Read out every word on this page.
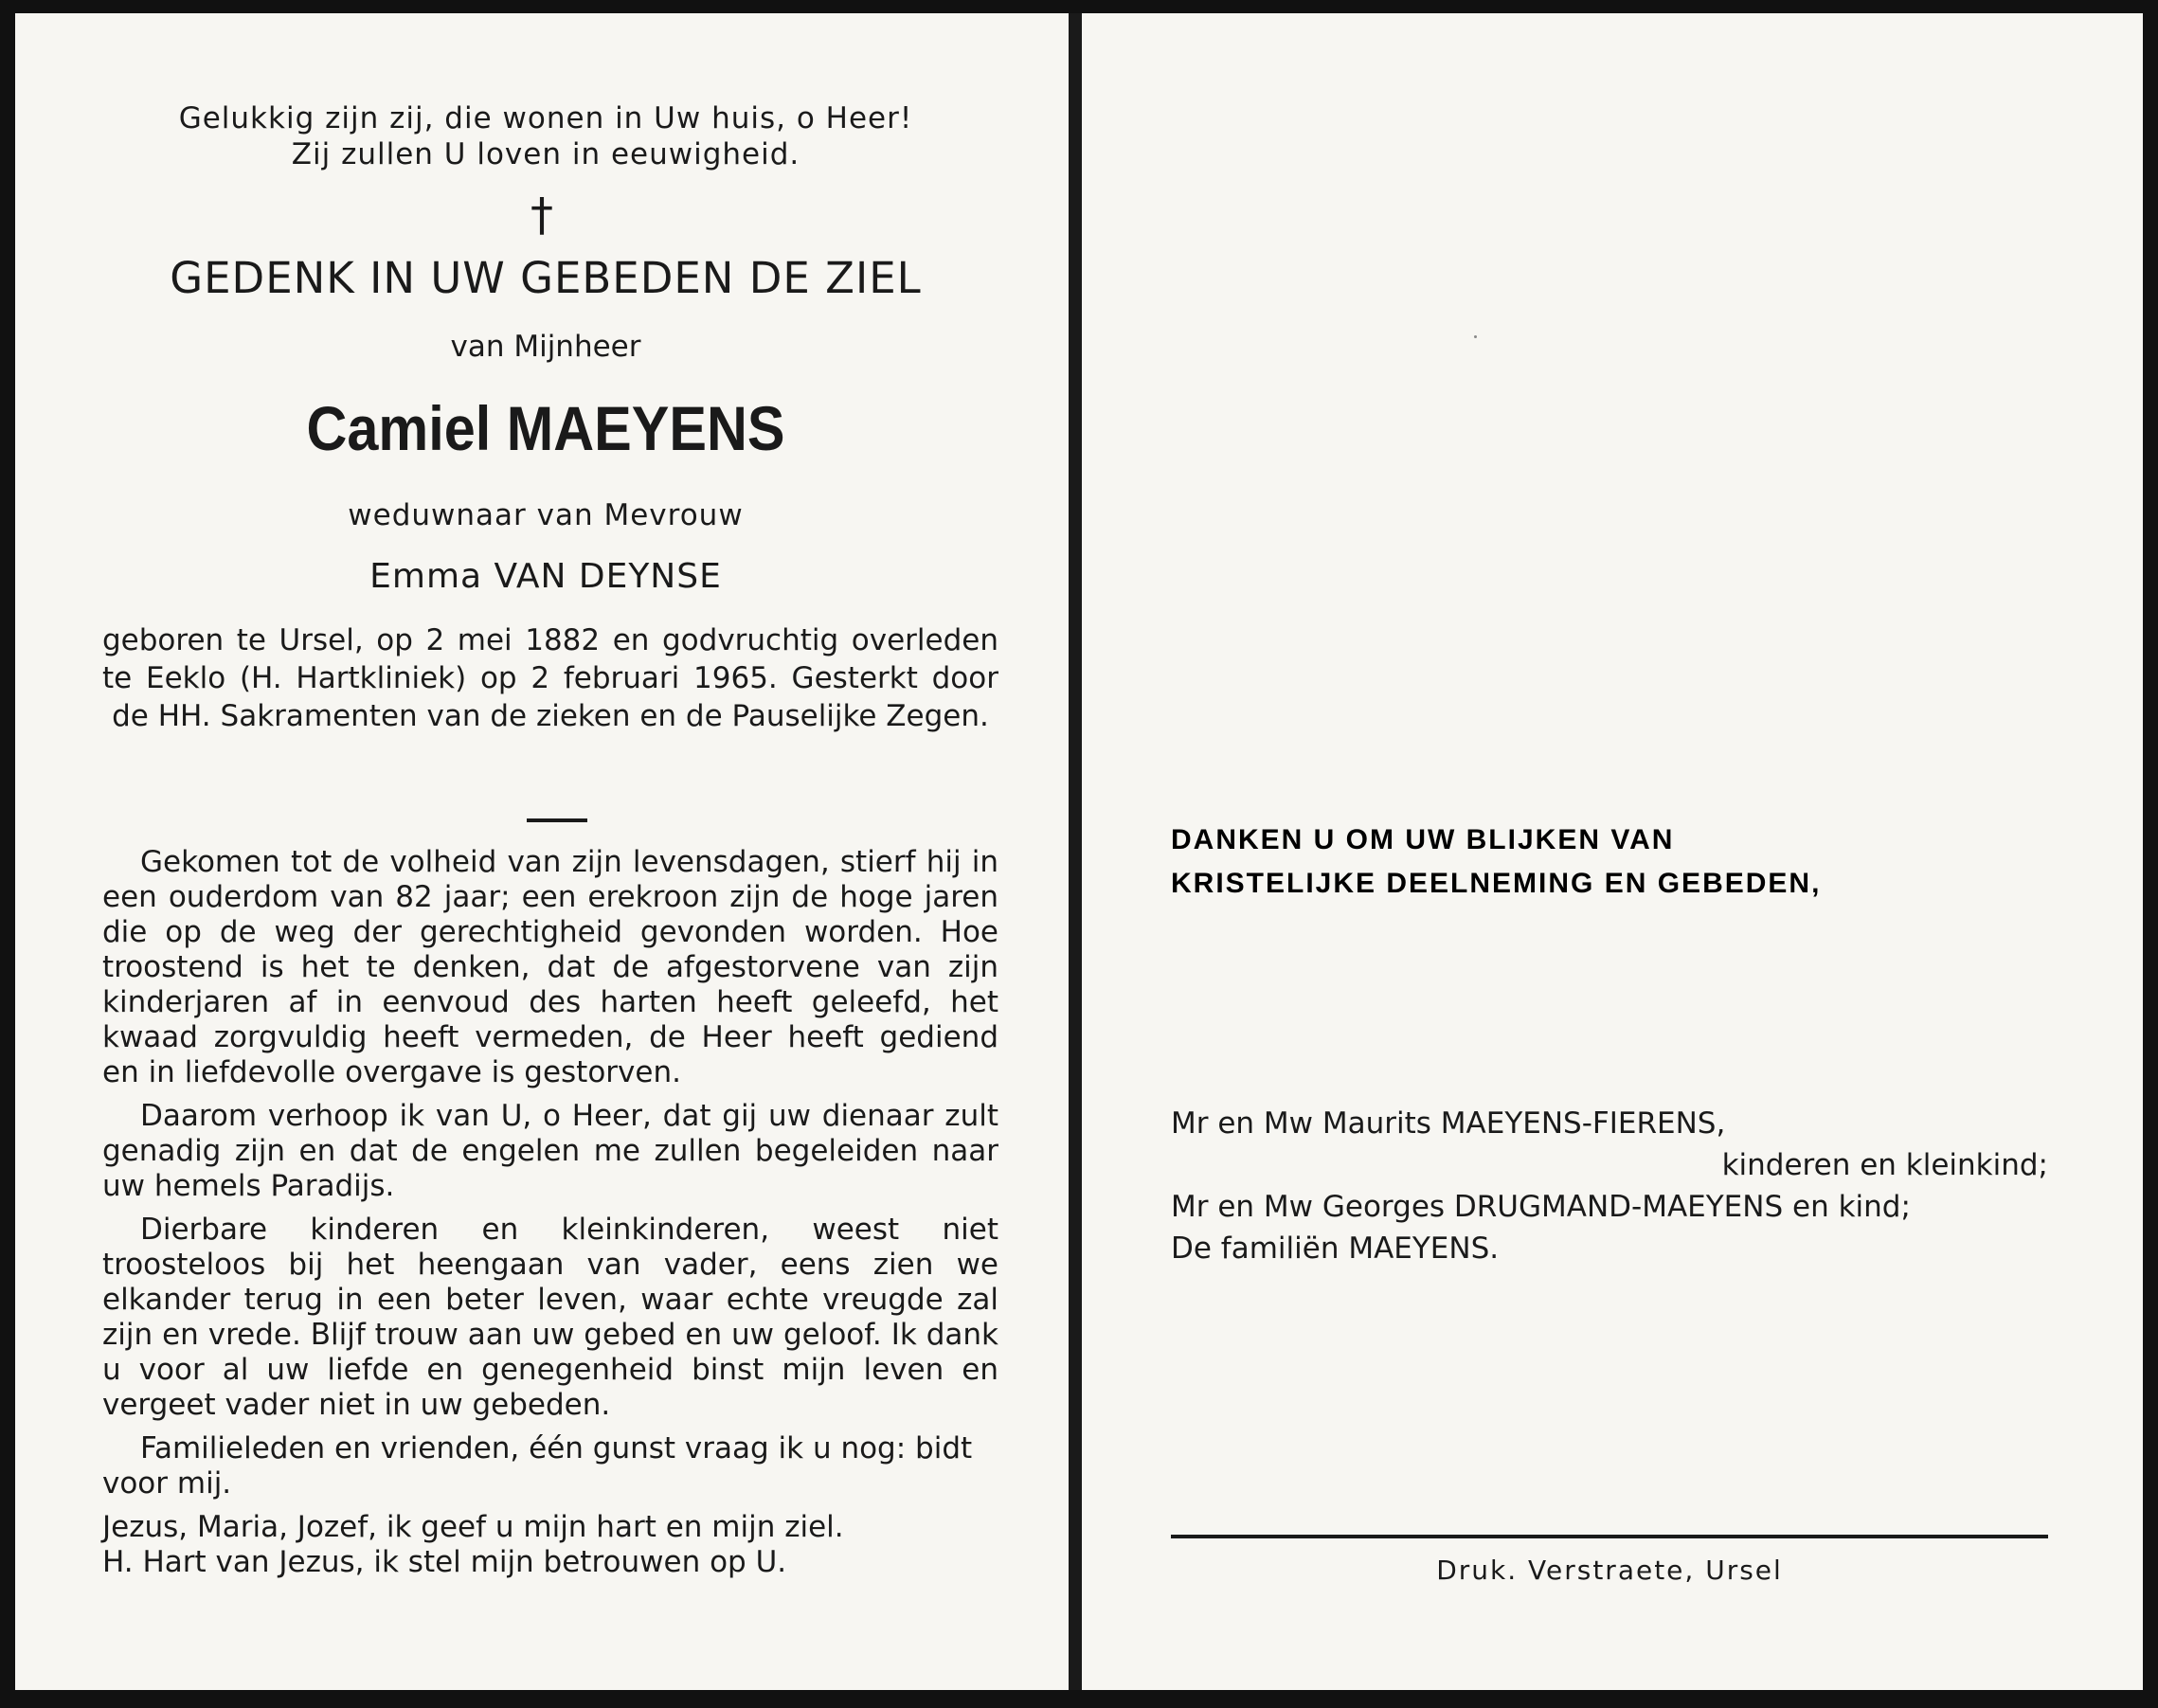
Gelukkig zijn zij, die wonen in Uw huis, o Heer!
Zij zullen U loven in eeuwigheid.
†
GEDENK IN UW GEBEDEN DE ZIEL
van Mijnheer
Camiel MAEYENS
weduwnaar van Mevrouw
Emma VAN DEYNSE
geboren te Ursel, op 2 mei 1882 en godvruchtig overleden te Eeklo (H. Hartkliniek) op 2 februari 1965. Gesterkt door de HH. Sakramenten van de zieken en de Pauselijke Zegen.

Gekomen tot de volheid van zijn levensdagen, stierf hij in een ouderdom van 82 jaar; een erekroon zijn de hoge jaren die op de weg der gerechtigheid gevonden worden. Hoe troostend is het te denken, dat de afgestorvene van zijn kinderjaren af in eenvoud des harten heeft geleefd, het kwaad zorgvuldig heeft vermeden, de Heer heeft gediend en in liefdevolle overgave is gestorven.

Daarom verhoop ik van U, o Heer, dat gij uw dienaar zult genadig zijn en dat de engelen me zullen begeleiden naar uw hemels Paradijs.

Dierbare kinderen en kleinkinderen, weest niet troosteloos bij het heengaan van vader, eens zien we elkander terug in een beter leven, waar echte vreugde zal zijn en vrede. Blijf trouw aan uw gebed en uw geloof. Ik dank u voor al uw liefde en genegenheid binst mijn leven en vergeet vader niet in uw gebeden.

Familieleden en vrienden, één gunst vraag ik u nog: bidt voor mij.

Jezus, Maria, Jozef, ik geef u mijn hart en mijn ziel.
H. Hart van Jezus, ik stel mijn betrouwen op U.

DANKEN U OM UW BLIJKEN VAN
KRISTELIJKE DEELNEMING EN GEBEDEN,
Mr en Mw Maurits MAEYENS-FIERENS,
kinderen en kleinkind;
Mr en Mw Georges DRUGMAND-MAEYENS en kind;
De familiën MAEYENS.
Druk. Verstraete, Ursel
